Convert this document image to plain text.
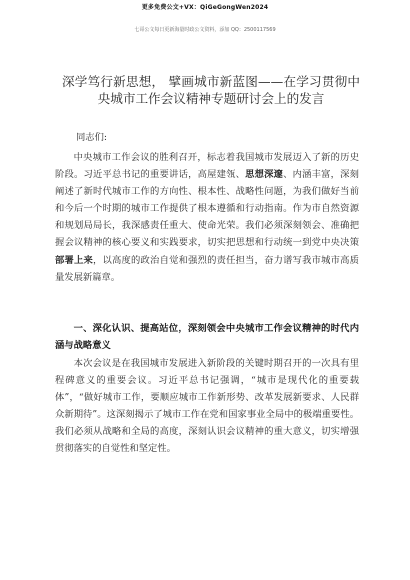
更多免费公文+VX：QiGeGongWen2024
七哥公文每日更新海量时政公文资料，添加 QQ：2500117569
深学笃行新思想， 擘画城市新蓝图——在学习贯彻中央城市工作会议精神专题研讨会上的发言

同志们:

中央城市工作会议的胜利召开，标志着我国城市发展迈入了新的历史阶段。习近平总书记的重要讲话，高屋建瓴、思想深邃、内涵丰富，深刻阐述了新时代城市工作的方向性、根本性、战略性问题，为我们做好当前和今后一个时期的城市工作提供了根本遵循和行动指南。作为市自然资源和规划局局长，我深感责任重大、使命光荣。我们必须深刻领会、准确把握会议精神的核心要义和实践要求，切实把思想和行动统一到党中央决策部署上来，以高度的政治自觉和强烈的责任担当，奋力谱写我市城市高质量发展新篇章。

一、深化认识、提高站位，深刻领会中央城市工作会议精神的时代内涵与战略意义

本次会议是在我国城市发展进入新阶段的关键时期召开的一次具有里程碑意义的重要会议。习近平总书记强调，“城市是现代化的重要载体”，“做好城市工作，要顺应城市工作新形势、改革发展新要求、人民群众新期待”。这深刻揭示了城市工作在党和国家事业全局中的极端重要性。我们必须从战略和全局的高度，深刻认识会议精神的重大意义，切实增强贯彻落实的自觉性和坚定性。
